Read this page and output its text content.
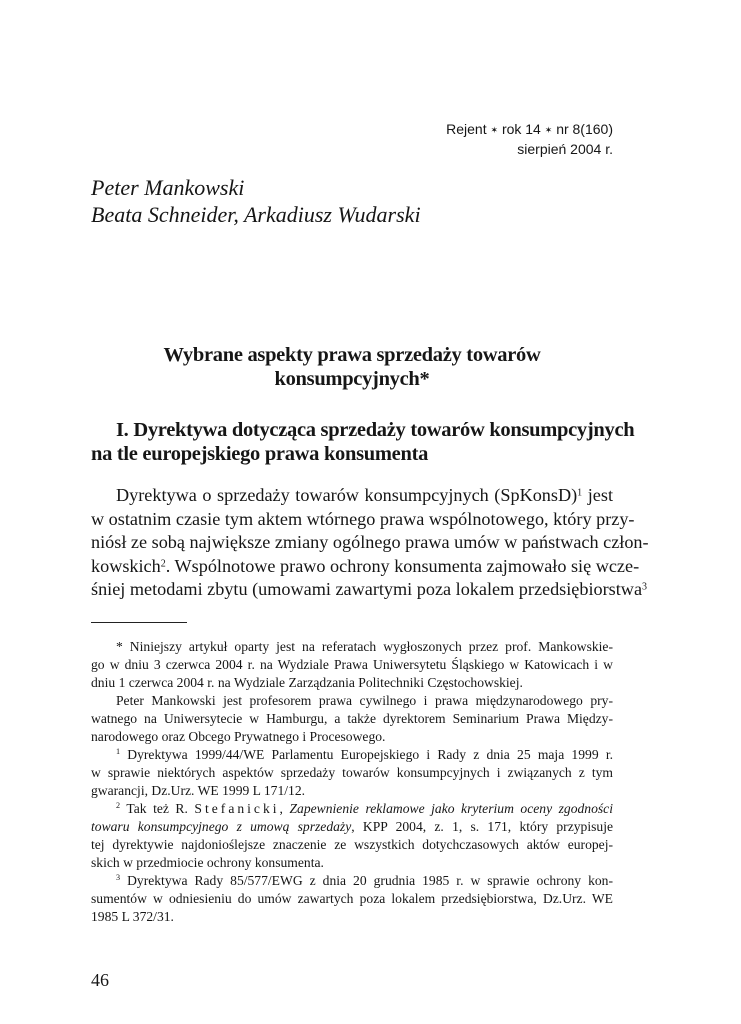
Rejent ✶ rok 14 ✶ nr 8(160)
sierpień 2004 r.
Peter Mankowski
Beata Schneider, Arkadiusz Wudarski
Wybrane aspekty prawa sprzedaży towarów
konsumpcyjnych*
I. Dyrektywa dotycząca sprzedaży towarów konsumpcyjnych
na tle europejskiego prawa konsumenta
Dyrektywa o sprzedaży towarów konsumpcyjnych (SpKonsD)$^1$ jest
w ostatnim czasie tym aktem wtórnego prawa wspólnotowego, który przy-
niósł ze sobą największe zmiany ogólnego prawa umów w państwach człon-
kowskich$^2$. Wspólnotowe prawo ochrony konsumenta zajmowało się wcze-
śniej metodami zbytu (umowami zawartymi poza lokalem przedsiębiorstwa$^3$
* Niniejszy artykuł oparty jest na referatach wygłoszonych przez prof. Mankowskie-
go w dniu 3 czerwca 2004 r. na Wydziale Prawa Uniwersytetu Śląskiego w Katowicach i w
dniu 1 czerwca 2004 r. na Wydziale Zarządzania Politechniki Częstochowskiej.
Peter Mankowski jest profesorem prawa cywilnego i prawa międzynarodowego pry-
watnego na Uniwersytecie w Hamburgu, a także dyrektorem Seminarium Prawa Między-
narodowego oraz Obcego Prywatnego i Procesowego.
$^1$ Dyrektywa 1999/44/WE Parlamentu Europejskiego i Rady z dnia 25 maja 1999 r.
w sprawie niektórych aspektów sprzedaży towarów konsumpcyjnych i związanych z tym
gwarancji, Dz.Urz. WE 1999 L 171/12.
$^2$ Tak też R. Stefanicki, Zapewnienie reklamowe jako kryterium oceny zgodności
towaru konsumpcyjnego z umową sprzedaży, KPP 2004, z. 1, s. 171, który przypisuje
tej dyrektywie najdonioślejsze znaczenie ze wszystkich dotychczasowych aktów europej-
skich w przedmiocie ochrony konsumenta.
$^3$ Dyrektywa Rady 85/577/EWG z dnia 20 grudnia 1985 r. w sprawie ochrony kon-
sumentów w odniesieniu do umów zawartych poza lokalem przedsiębiorstwa, Dz.Urz. WE
1985 L 372/31.
46
